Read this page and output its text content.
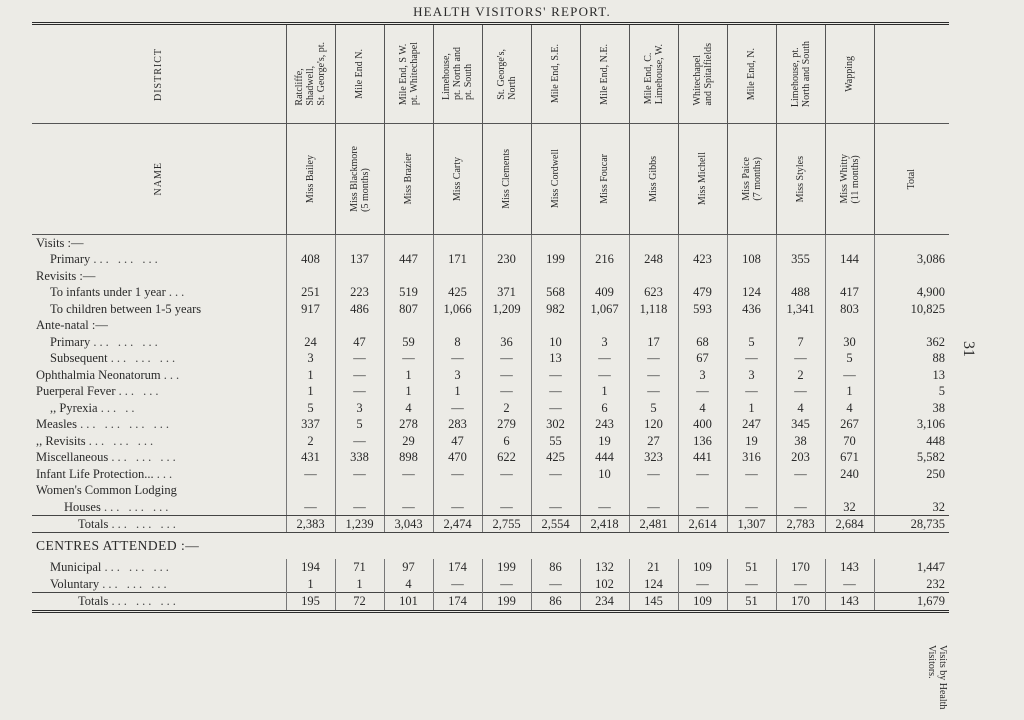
HEALTH VISITORS' REPORT.
31
Visits by Health Visitors.
DISTRICT	Ratcliffe,
Shadwell,
St. George's, pt.	Mile End N.	Mile End, S W.
pt. Whitechapel	Limehouse,
pt. North and
pt. South	St. George's,
North	Mile End, S.E.	Mile End, N.E.	Mile End, C.
Limehouse, W.	Whitechapel
and Spitalfields	Mile End, N.	Limehouse, pt.
North and South	Wapping	

NAME	Miss Bailey	Miss Blackmore
(5 months)	Miss Brazier	Miss Carty	Miss Clements	Miss Cordwell	Miss Foucar	Miss Gibbs	Miss Michell	Miss Paice
(7 months)	Miss Styles	Miss Whitty
(11 months)	Total

Visits :—													
Primary ... ... ...	408	137	447	171	230	199	216	248	423	108	355	144	3,086
Revisits :—													
To infants under 1 year ...	251	223	519	425	371	568	409	623	479	124	488	417	4,900
To children between 1-5 years	917	486	807	1,066	1,209	982	1,067	1,118	593	436	1,341	803	10,825
Ante-natal :—													
Primary ... ... ...	24	47	59	8	36	10	3	17	68	5	7	30	362
Subsequent ... ... ...	3	—	—	—	—	13	—	—	67	—	—	5	88
Ophthalmia Neonatorum ...	1	—	1	3	—	—	—	—	3	3	2	—	13
Puerperal Fever ... ...	1	—	1	1	—	—	1	—	—	—	—	1	5
,, Pyrexia ... ..	5	3	4	—	2	—	6	5	4	1	4	4	38
Measles ... ... ... ...	337	5	278	283	279	302	243	120	400	247	345	267	3,106
,, Revisits ... ... ...	2	—	29	47	6	55	19	27	136	19	38	70	448
Miscellaneous ... ... ...	431	338	898	470	622	425	444	323	441	316	203	671	5,582
Infant Life Protection... ...	—	—	—	—	—	—	10	—	—	—	—	240	250
Women's Common Lodging													
Houses ... ... ...	—	—	—	—	—	—	—	—	—	—	—	32	32

Totals ... ... ...	2,383	1,239	3,043	2,474	2,755	2,554	2,418	2,481	2,614	1,307	2,783	2,684	28,735
CENTRES ATTENDED :—													
Municipal ... ... ...	194	71	97	174	199	86	132	21	109	51	170	143	1,447
Voluntary ... ... ...	1	1	4	—	—	—	102	124	—	—	—	—	232
Totals ... ... ...	195	72	101	174	199	86	234	145	109	51	170	143	1,679
